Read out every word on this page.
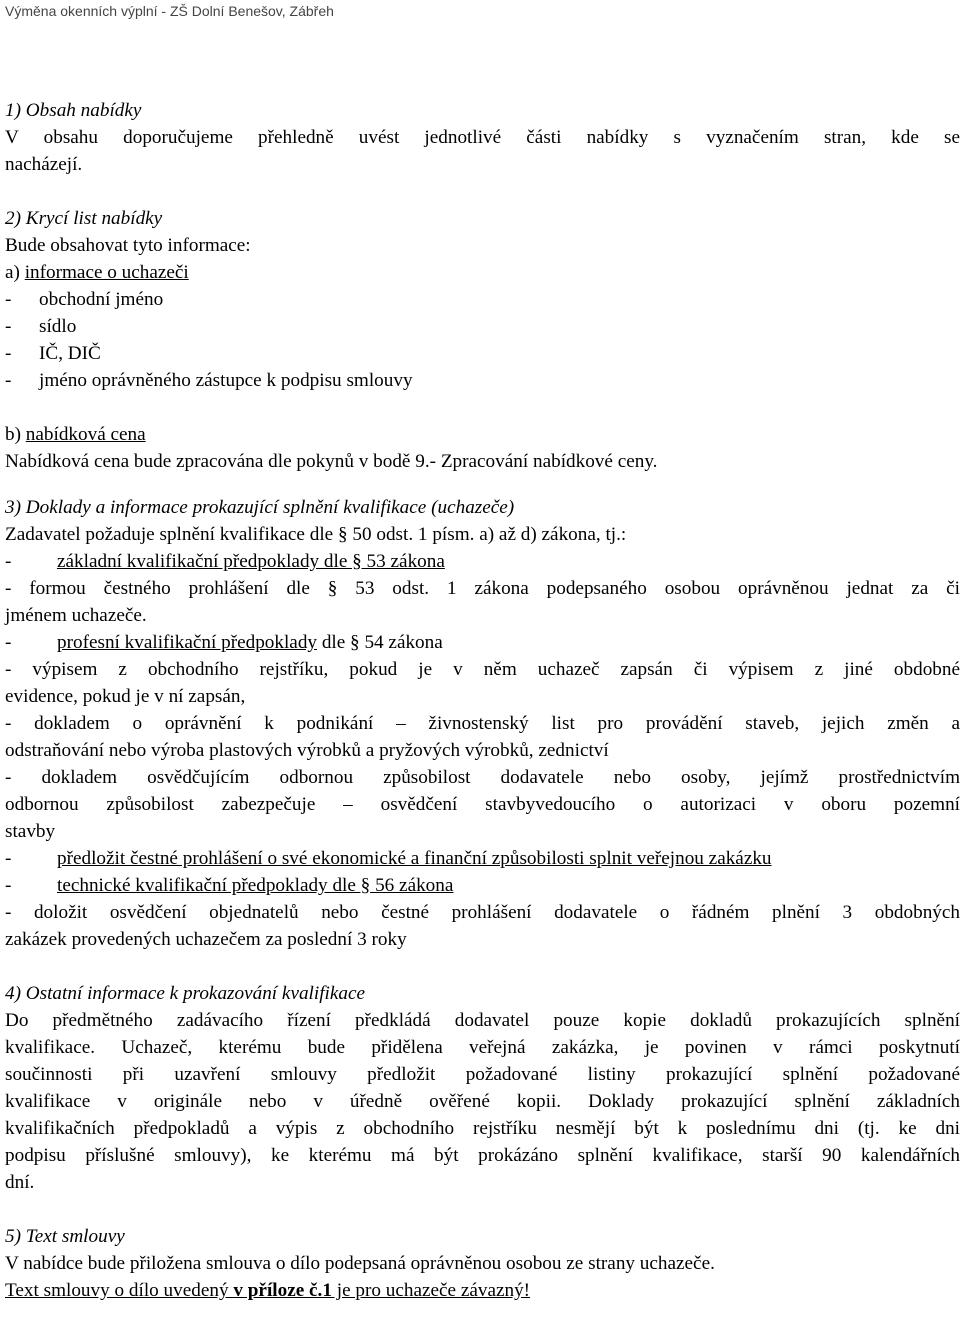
Výměna okenních výplní - ZŠ Dolní Benešov, Zábřeh
1) Obsah nabídky
V obsahu doporučujeme přehledně uvést jednotlivé části nabídky s vyznačením stran, kde se
nacházejí.
2) Krycí list nabídky
Bude obsahovat tyto informace:
a) informace o uchazeči
- obchodní jméno
- sídlo
- IČ, DIČ
- jméno oprávněného zástupce k podpisu smlouvy
b) nabídková cena
Nabídková cena bude zpracována dle pokynů v bodě 9.- Zpracování nabídkové ceny.
3) Doklady a informace prokazující splnění kvalifikace (uchazeče)
Zadavatel požaduje splnění kvalifikace dle § 50 odst. 1 písm. a) až d) zákona, tj.:
- základní kvalifikační předpoklady dle § 53 zákona
- formou čestného prohlášení dle § 53 odst. 1 zákona podepsaného osobou oprávněnou jednat za či
jménem uchazeče.
- profesní kvalifikační předpoklady dle § 54 zákona
- výpisem z obchodního rejstříku, pokud je v něm uchazeč zapsán či výpisem z jiné obdobné
evidence, pokud je v ní zapsán,
- dokladem o oprávnění k podnikání – živnostenský list pro provádění staveb, jejich změn a
odstraňování nebo výroba plastových výrobků a pryžových výrobků, zednictví
- dokladem osvědčujícím odbornou způsobilost dodavatele nebo osoby, jejímž prostřednictvím
odbornou způsobilost zabezpečuje – osvědčení stavbyvedoucího o autorizaci v oboru pozemní
stavby
- předložit čestné prohlášení o své ekonomické a finanční způsobilosti splnit veřejnou zakázku
- technické kvalifikační předpoklady dle § 56 zákona
- doložit osvědčení objednatelů nebo čestné prohlášení dodavatele o řádném plnění 3 obdobných
zakázek provedených uchazečem za poslední 3 roky
4) Ostatní informace k prokazování kvalifikace
Do předmětného zadávacího řízení předkládá dodavatel pouze kopie dokladů prokazujících splnění
kvalifikace. Uchazeč, kterému bude přidělena veřejná zakázka, je povinen v rámci poskytnutí
součinnosti při uzavření smlouvy předložit požadované listiny prokazující splnění požadované
kvalifikace v originále nebo v úředně ověřené kopii. Doklady prokazující splnění základních
kvalifikačních předpokladů a výpis z obchodního rejstříku nesmějí být k poslednímu dni (tj. ke dni
podpisu příslušné smlouvy), ke kterému má být prokázáno splnění kvalifikace, starší 90 kalendářních
dní.
5) Text smlouvy
V nabídce bude přiložena smlouva o dílo podepsaná oprávněnou osobou ze strany uchazeče.
Text smlouvy o dílo uvedený v příloze č.1 je pro uchazeče závazný!
